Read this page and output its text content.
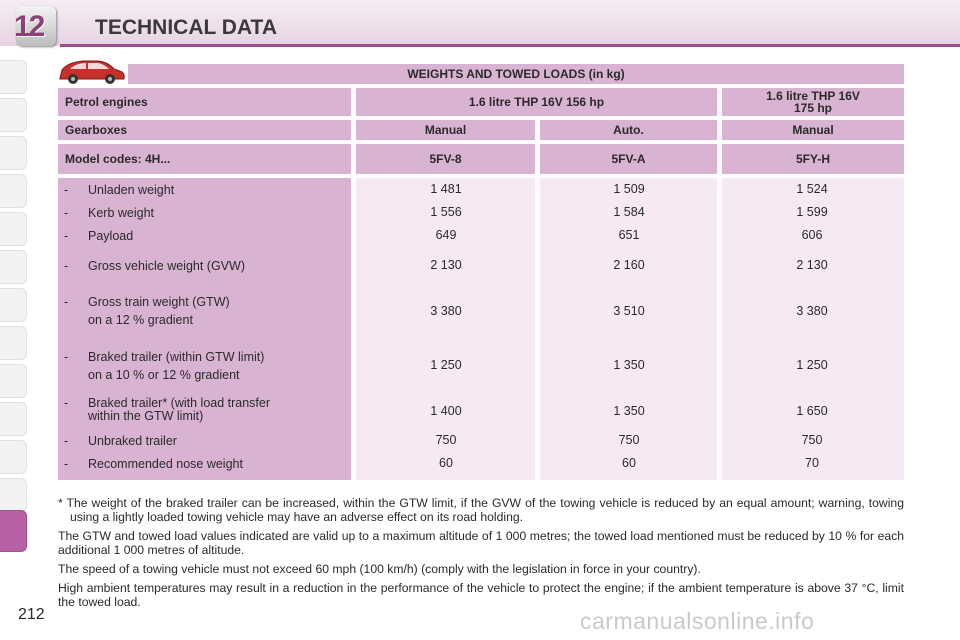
12 TECHNICAL DATA
WEIGHTS AND TOWED LOADS (in kg)
Petrol engines	1.6 litre THP 16V 156 hp	1.6 litre THP 16V
175 hp
Gearboxes	Manual	Auto.	Manual
Model codes: 4H...	5FV-8	5FV-A	5FY-H
- Unladen weight	1 481	1 509	1 524
- Kerb weight	1 556	1 584	1 599
- Payload	649	651	606
- Gross vehicle weight (GVW)	2 130	2 160	2 130
- Gross train weight (GTW)
on a 12 % gradient
3 380	3 510	3 380
- Braked trailer (within GTW limit)
on a 10 % or 12 % gradient
1 250	1 350	1 250
- Braked trailer* (with load transfer
within the GTW limit)	1 400	1 350	1 650
- Unbraked trailer	750	750	750
- Recommended nose weight	60	60	70

* The weight of the braked trailer can be increased, within the GTW limit, if the GVW of the towing vehicle is reduced by an equal amount; warning, towing using a lightly loaded towing vehicle may have an adverse effect on its road holding.

The GTW and towed load values indicated are valid up to a maximum altitude of 1 000 metres; the towed load mentioned must be reduced by 10 % for each additional 1 000 metres of altitude.

The speed of a towing vehicle must not exceed 60 mph (100 km/h) (comply with the legislation in force in your country).

High ambient temperatures may result in a reduction in the performance of the vehicle to protect the engine; if the ambient temperature is above 37 °C, limit the towed load.

212	carmanualsonline.info
